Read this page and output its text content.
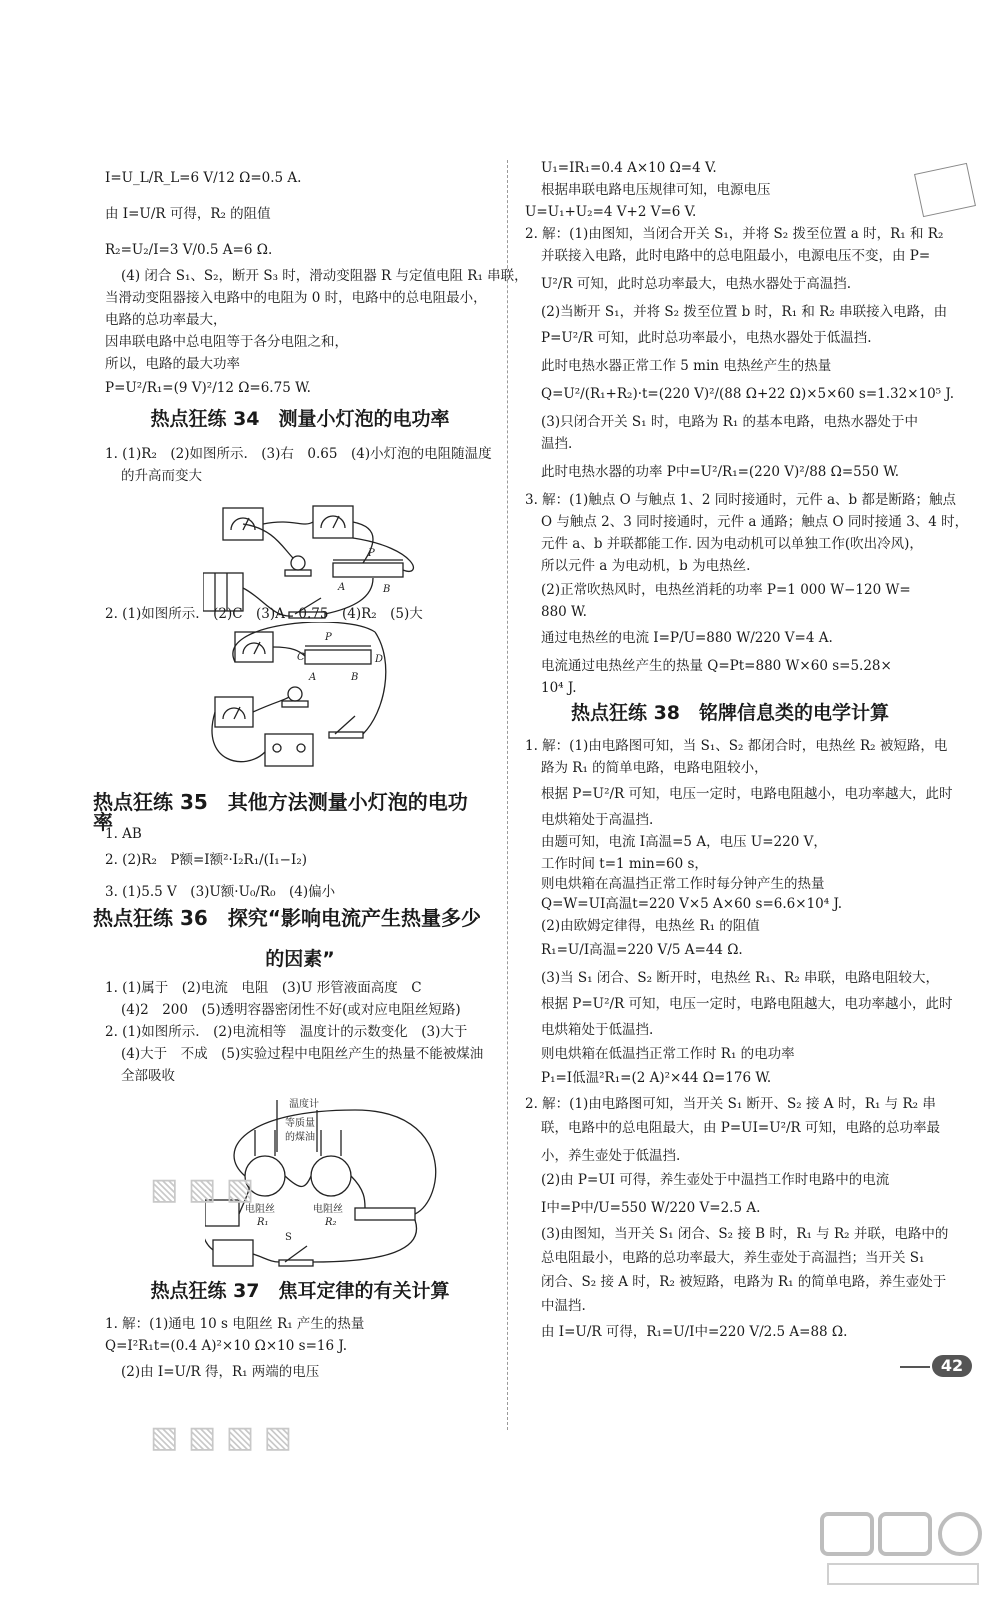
I=U_L/R_L=6 V/12 Ω=0.5 A.
由 I=U/R 可得，R₂ 的阻值
R₂=U₂/I=3 V/0.5 A=6 Ω.
(4) 闭合 S₁、S₂，断开 S₃ 时，滑动变阻器 R 与定值电阻 R₁ 串联，
当滑动变阻器接入电路中的电阻为 0 时，电路中的总电阻最小，
电路的总功率最大，
因串联电路中总电阻等于各分电阻之和，
所以，电路的最大功率
P=U²/R₁=(9 V)²/12 Ω=6.75 W.
热点狂练 34　测量小灯泡的电功率
1. (1)R₂　(2)如图所示.　(3)右　0.65　(4)小灯泡的电阻随温度
的升高而变大
P
A	B
2. (1)如图所示.　(2)C　(3)A　0.75　(4)R₂　(5)大
C
P
D
A	B
热点狂练 35　其他方法测量小灯泡的电功率
1. AB
2. (2)R₂　P额=I额²·I₂R₁/(I₁−I₂)
3. (1)5.5 V　(3)U额·U₀/R₀　(4)偏小
热点狂练 36　探究“影响电流产生热量多少
的因素”
1. (1)属于　(2)电流　电阻　(3)U 形管液面高度　C
(4)2　200　(5)透明容器密闭性不好(或对应电阻丝短路)
2. (1)如图所示.　(2)电流相等　温度计的示数变化　(3)大于
(4)大于　不成　(5)实验过程中电阻丝产生的热量不能被煤油
全部吸收
温度计
等质量
的煤油
电阻丝
R₁
电阻丝
R₂
S
热点狂练 37　焦耳定律的有关计算
1. 解：(1)通电 10 s 电阻丝 R₁ 产生的热量
Q=I²R₁t=(0.4 A)²×10 Ω×10 s=16 J.
(2)由 I=U/R 得，R₁ 两端的电压
U₁=IR₁=0.4 A×10 Ω=4 V.
根据串联电路电压规律可知，电源电压
U=U₁+U₂=4 V+2 V=6 V.
2. 解：(1)由图知，当闭合开关 S₁，并将 S₂ 拨至位置 a 时，R₁ 和 R₂
并联接入电路，此时电路中的总电阻最小，电源电压不变，由 P=
U²/R 可知，此时总功率最大，电热水器处于高温挡.
(2)当断开 S₁，并将 S₂ 拨至位置 b 时，R₁ 和 R₂ 串联接入电路，由
P=U²/R 可知，此时总功率最小，电热水器处于低温挡.
此时电热水器正常工作 5 min 电热丝产生的热量
Q=U²/(R₁+R₂)·t=(220 V)²/(88 Ω+22 Ω)×5×60 s=1.32×10⁵ J.
(3)只闭合开关 S₁ 时，电路为 R₁ 的基本电路，电热水器处于中
温挡.
此时电热水器的功率 P中=U²/R₁=(220 V)²/88 Ω=550 W.
3. 解：(1)触点 O 与触点 1、2 同时接通时，元件 a、b 都是断路；触点
O 与触点 2、3 同时接通时，元件 a 通路；触点 O 同时接通 3、4 时，
元件 a、b 并联都能工作. 因为电动机可以单独工作(吹出冷风)，
所以元件 a 为电动机，b 为电热丝.
(2)正常吹热风时，电热丝消耗的功率 P=1 000 W−120 W=
880 W.
通过电热丝的电流 I=P/U=880 W/220 V=4 A.
电流通过电热丝产生的热量 Q=Pt=880 W×60 s=5.28×
10⁴ J.
热点狂练 38　铭牌信息类的电学计算
1. 解：(1)由电路图可知，当 S₁、S₂ 都闭合时，电热丝 R₂ 被短路，电
路为 R₁ 的简单电路，电路电阻较小，
根据 P=U²/R 可知，电压一定时，电路电阻越小，电功率越大，此时
电烘箱处于高温挡.
由题可知，电流 I高温=5 A，电压 U=220 V，
工作时间 t=1 min=60 s，
则电烘箱在高温挡正常工作时每分钟产生的热量
Q=W=UI高温t=220 V×5 A×60 s=6.6×10⁴ J.
(2)由欧姆定律得，电热丝 R₁ 的阻值
R₁=U/I高温=220 V/5 A=44 Ω.
(3)当 S₁ 闭合、S₂ 断开时，电热丝 R₁、R₂ 串联，电路电阻较大，
根据 P=U²/R 可知，电压一定时，电路电阻越大，电功率越小，此时
电烘箱处于低温挡.
则电烘箱在低温挡正常工作时 R₁ 的电功率
P₁=I低温²R₁=(2 A)²×44 Ω=176 W.
2. 解：(1)由电路图可知，当开关 S₁ 断开、S₂ 接 A 时，R₁ 与 R₂ 串
联，电路中的总电阻最大，由 P=UI=U²/R 可知，电路的总功率最
小，养生壶处于低温挡.
(2)由 P=UI 可得，养生壶处于中温挡工作时电路中的电流
I中=P中/U=550 W/220 V=2.5 A.
(3)由图知，当开关 S₁ 闭合、S₂ 接 B 时，R₁ 与 R₂ 并联，电路中的
总电阻最小，电路的总功率最大，养生壶处于高温挡；当开关 S₁
闭合、S₂ 接 A 时，R₂ 被短路，电路为 R₁ 的简单电路，养生壶处于
中温挡.
由 I=U/R 可得，R₁=U/I中=220 V/2.5 A=88 Ω.
42
▧ ▧ ▧
▧ ▧ ▧ ▧
